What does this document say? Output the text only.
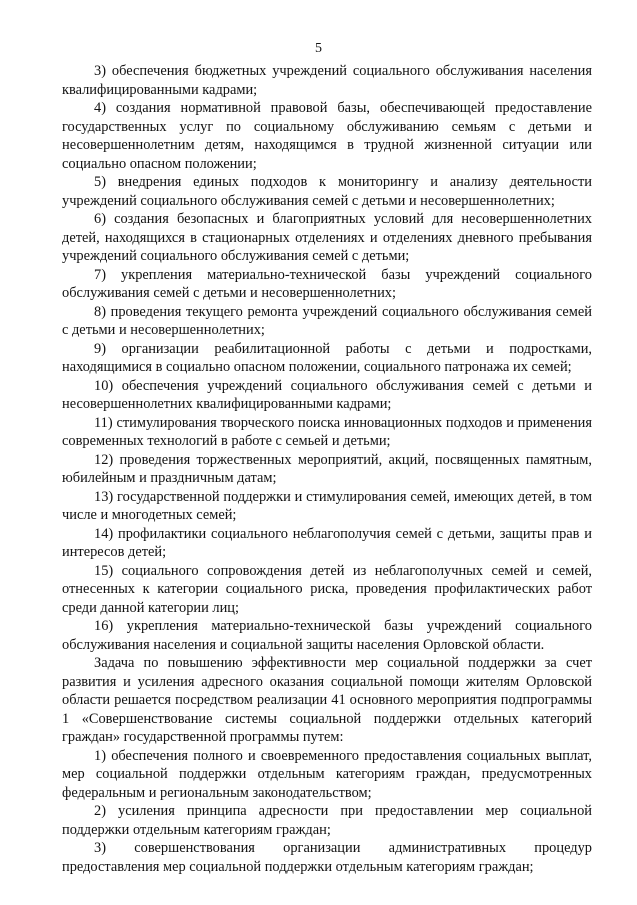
5

3) обеспечения бюджетных учреждений социального обслуживания населения квалифицированными кадрами;

4) создания нормативной правовой базы, обеспечивающей предоставление государственных услуг по социальному обслуживанию семьям с детьми и несовершеннолетним детям, находящимся в трудной жизненной ситуации или социально опасном положении;

5) внедрения единых подходов к мониторингу и анализу деятельности учреждений социального обслуживания семей с детьми и несовершеннолетних;

6) создания безопасных и благоприятных условий для несовершеннолетних детей, находящихся в стационарных отделениях и отделениях дневного пребывания учреждений социального обслуживания семей с детьми;

7) укрепления материально-технической базы учреждений социального обслуживания семей с детьми и несовершеннолетних;

8) проведения текущего ремонта учреждений социального обслуживания семей с детьми и несовершеннолетних;

9) организации реабилитационной работы с детьми и подростками, находящимися в социально опасном положении, социального патронажа их семей;

10) обеспечения учреждений социального обслуживания семей с детьми и несовершеннолетних квалифицированными кадрами;

11) стимулирования творческого поиска инновационных подходов и применения современных технологий в работе с семьей и детьми;

12) проведения торжественных мероприятий, акций, посвященных памятным, юбилейным и праздничным датам;

13) государственной поддержки и стимулирования семей, имеющих детей, в том числе и многодетных семей;

14) профилактики социального неблагополучия семей с детьми, защиты прав и интересов детей;

15) социального сопровождения детей из неблагополучных семей и семей, отнесенных к категории социального риска, проведения профилактических работ среди данной категории лиц;

16) укрепления материально-технической базы учреждений социального обслуживания населения и социальной защиты населения Орловской области.

Задача по повышению эффективности мер социальной поддержки за счет развития и усиления адресного оказания социальной помощи жителям Орловской области решается посредством реализации 41 основного мероприятия подпрограммы 1 «Совершенствование системы социальной поддержки отдельных категорий граждан» государственной программы путем:

1) обеспечения полного и своевременного предоставления социальных выплат, мер социальной поддержки отдельным категориям граждан, предусмотренных федеральным и региональным законодательством;

2) усиления принципа адресности при предоставлении мер социальной поддержки отдельным категориям граждан;

3) совершенствования организации административных процедур предоставления мер социальной поддержки отдельным категориям граждан;
